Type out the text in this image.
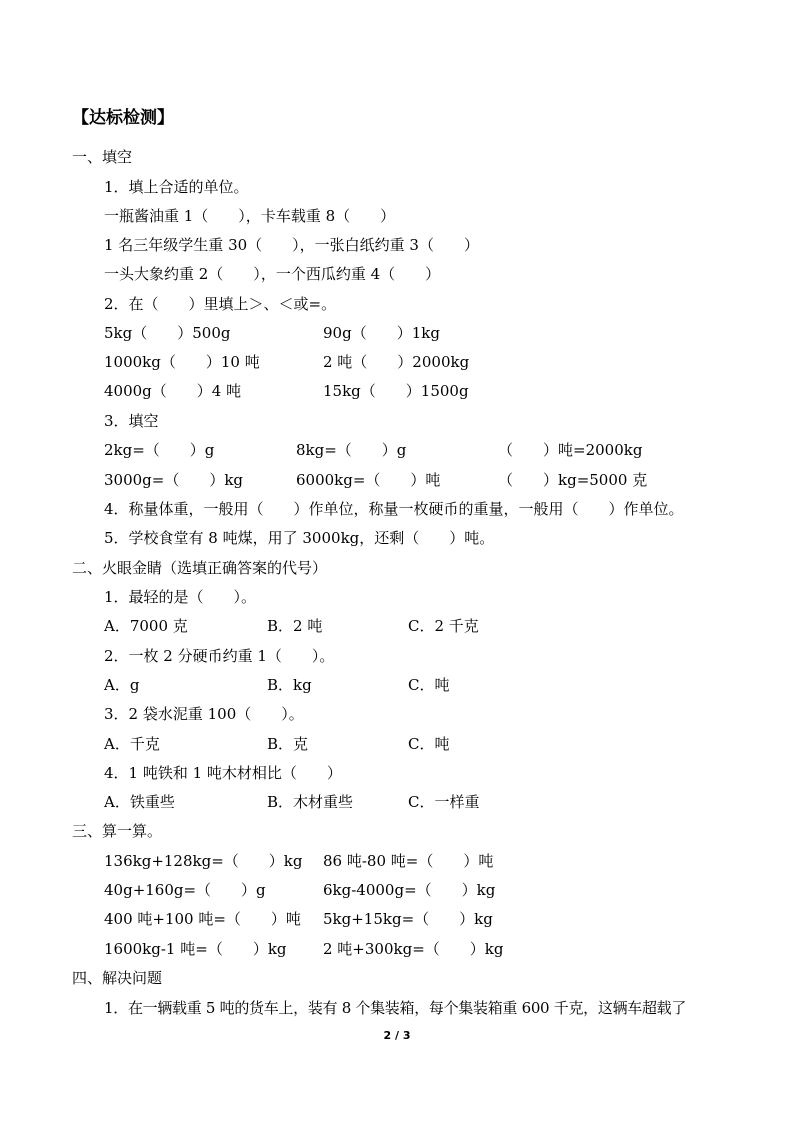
【达标检测】
一、填空
1．填上合适的单位。
一瓶酱油重 1（　　），卡车载重 8（　　）
1 名三年级学生重 30（　　），一张白纸约重 3（　　）
一头大象约重 2（　　），一个西瓜约重 4（　　）
2．在（　　）里填上＞、＜或=。
5kg（　　）500g	90g（　　）1kg
1000kg（　　）10 吨	2 吨（　　）2000kg
4000g（　　）4 吨	15kg（　　）1500g
3．填空
2kg=（　　）g	8kg=（　　）g	（　　）吨=2000kg
3000g=（　　）kg	6000kg=（　　）吨	（　　）kg=5000 克
4．称量体重，一般用（　　）作单位，称量一枚硬币的重量，一般用（　　）作单位。
5．学校食堂有 8 吨煤，用了 3000kg，还剩（　　）吨。
二、火眼金睛（选填正确答案的代号）
1．最轻的是（　　）。
A．7000 克	B．2 吨	C．2 千克
2．一枚 2 分硬币约重 1（　　）。
A．g	B．kg	C．吨
3．2 袋水泥重 100（　　）。
A．千克	B．克	C．吨
4．1 吨铁和 1 吨木材相比（　　）
A．铁重些	B．木材重些	C．一样重
三、算一算。
136kg+128kg=（　　）kg 86 吨-80 吨=（　　）吨
40g+160g=（　　）g	6kg-4000g=（　　）kg
400 吨+100 吨=（　　）吨 5kg+15kg=（　　）kg
1600kg-1 吨=（　　）kg 2 吨+300kg=（　　）kg
四、解决问题
1．在一辆载重 5 吨的货车上，装有 8 个集装箱，每个集装箱重 600 千克，这辆车超载了
2 / 3
